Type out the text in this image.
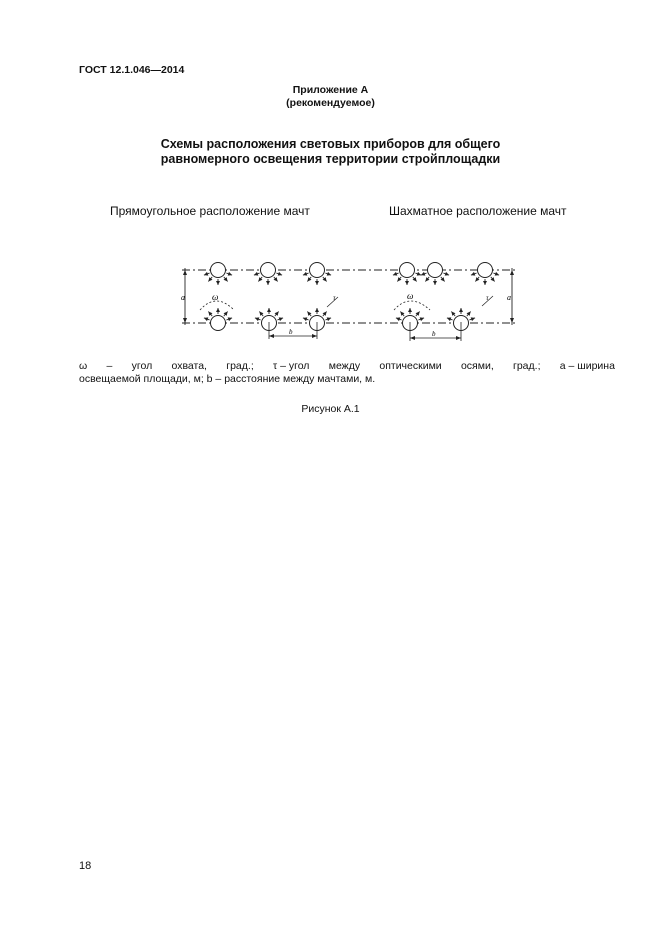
ГОСТ 12.1.046—2014
Приложение А
(рекомендуемое)
Схемы расположения световых приборов для общего
равномерного освещения территории стройплощадки
Прямоугольное расположение мачт	Шахматное расположение мачт
a	a
ω	ω
τ	τ
b	b
ω – угол охвата, град.; τ – угол между оптическими осями, град.; a – ширина
освещаемой площади, м; b – расстояние между мачтами, м.
Рисунок А.1
18
